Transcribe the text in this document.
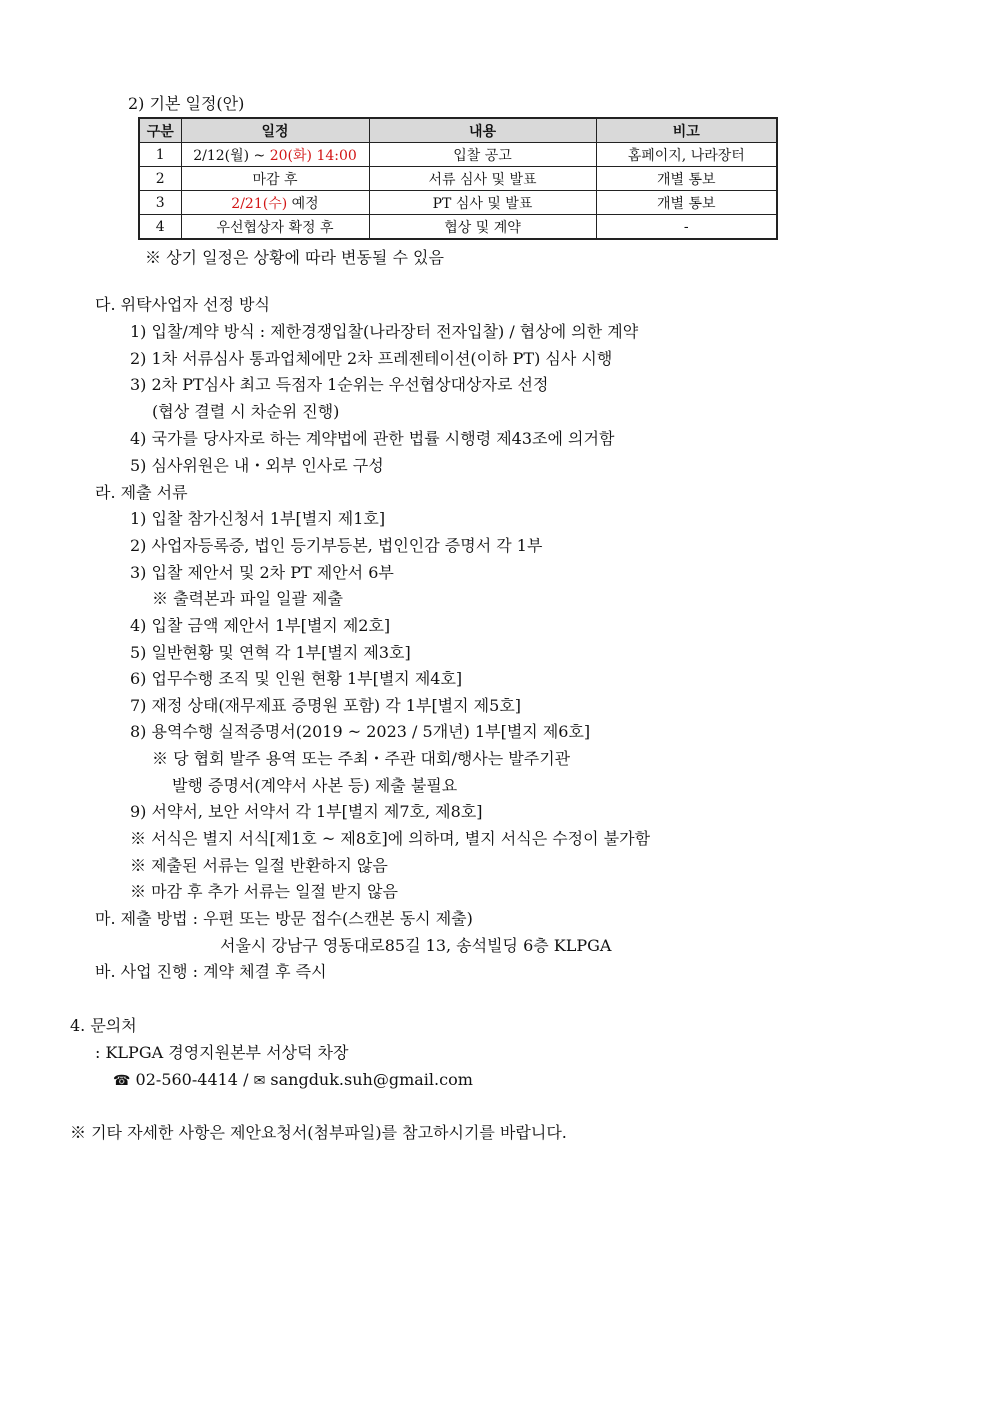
2) 기본 일정(안)
구분	일정	내용	비고
1	2/12(월) ~ 20(화) 14:00	입찰 공고	홈페이지, 나라장터
2	마감 후	서류 심사 및 발표	개별 통보
3	2/21(수) 예정	PT 심사 및 발표	개별 통보
4	우선협상자 확정 후	협상 및 계약	-
※ 상기 일정은 상황에 따라 변동될 수 있음
다. 위탁사업자 선정 방식
1) 입찰/계약 방식 : 제한경쟁입찰(나라장터 전자입찰) / 협상에 의한 계약
2) 1차 서류심사 통과업체에만 2차 프레젠테이션(이하 PT) 심사 시행
3) 2차 PT심사 최고 득점자 1순위는 우선협상대상자로 선정
(협상 결렬 시 차순위 진행)
4) 국가를 당사자로 하는 계약법에 관한 법률 시행령 제43조에 의거함
5) 심사위원은 내・외부 인사로 구성
라. 제출 서류
1) 입찰 참가신청서 1부[별지 제1호]
2) 사업자등록증, 법인 등기부등본, 법인인감 증명서 각 1부
3) 입찰 제안서 및 2차 PT 제안서 6부
※ 출력본과 파일 일괄 제출
4) 입찰 금액 제안서 1부[별지 제2호]
5) 일반현황 및 연혁 각 1부[별지 제3호]
6) 업무수행 조직 및 인원 현황 1부[별지 제4호]
7) 재정 상태(재무제표 증명원 포함) 각 1부[별지 제5호]
8) 용역수행 실적증명서(2019 ~ 2023 / 5개년) 1부[별지 제6호]
※ 당 협회 발주 용역 또는 주최・주관 대회/행사는 발주기관
발행 증명서(계약서 사본 등) 제출 불필요
9) 서약서, 보안 서약서 각 1부[별지 제7호, 제8호]
※ 서식은 별지 서식[제1호 ~ 제8호]에 의하며, 별지 서식은 수정이 불가함
※ 제출된 서류는 일절 반환하지 않음
※ 마감 후 추가 서류는 일절 받지 않음
마. 제출 방법 : 우편 또는 방문 접수(스캔본 동시 제출)
서울시 강남구 영동대로85길 13, 송석빌딩 6층 KLPGA
바. 사업 진행 : 계약 체결 후 즉시
4. 문의처
: KLPGA 경영지원본부 서상덕 차장
☎ 02-560-4414 / ✉ sangduk.suh@gmail.com
※ 기타 자세한 사항은 제안요청서(첨부파일)를 참고하시기를 바랍니다.
